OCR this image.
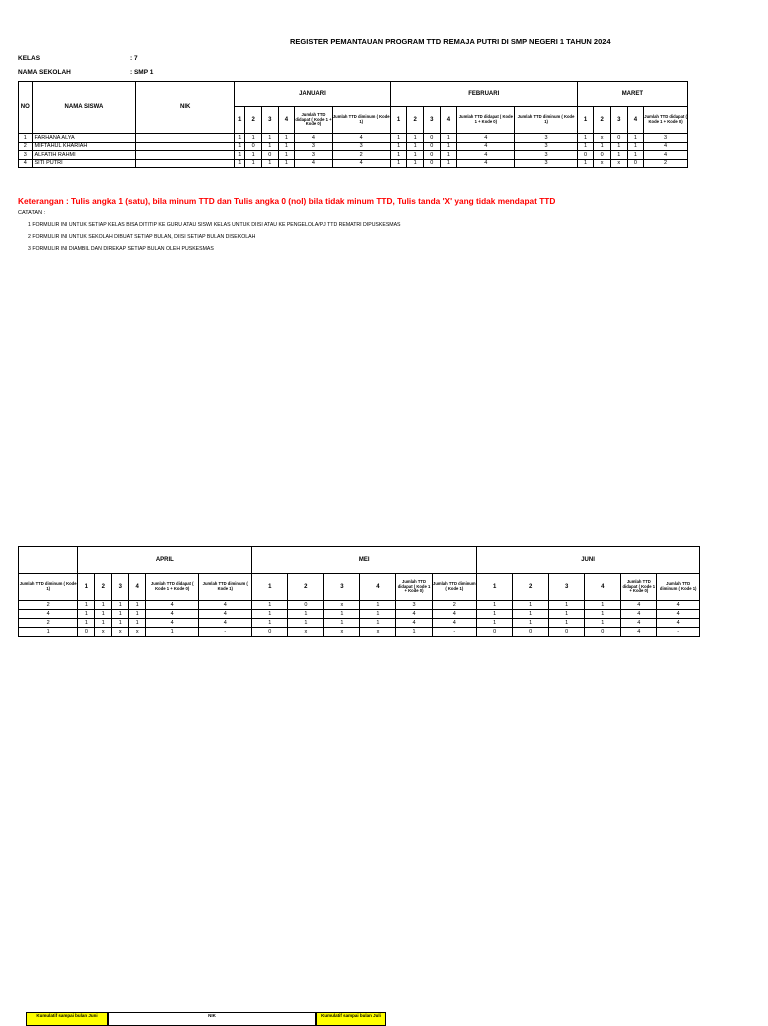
REGISTER PEMANTAUAN PROGRAM TTD REMAJA PUTRI DI SMP NEGERI 1 TAHUN 2024
KELAS	: 7
NAMA SEKOLAH	: SMP 1
NO	NAMA SISWA	NIK	JANUARI						FEBRUARI						MARET				
			1	2	3	4	Jumlah TTD didapat ( Kode 1 + Kode 0)	Jumlah TTD diminum ( Kode 1)	1	2	3	4	Jumlah TTD didapat ( Kode 1 + Kode 0)	Jumlah TTD diminum ( Kode 1)	1	2	3	4	Jumlah TTD didapat ( Kode 1 + Kode 0)
1	FARHANA ALYA		1	1	1	1	4	4	1	1	0	1	4	3	1	x	0	1	3
2	MIFTAHUL KHARIAH		1	0	1	1	3	3	1	1	0	1	4	3	1	1	1	1	4
3	ALFATIH RAHMI		1	1	0	1	3	2	1	1	0	1	4	3	0	0	1	1	4
4	SITI PUTRI		1	1	1	1	4	4	1	1	0	1	4	3	1	x	x	0	2
Keterangan : Tulis angka 1 (satu), bila minum TTD dan Tulis angka 0 (nol) bila tidak minum TTD, Tulis tanda 'X' yang tidak mendapat TTD
CATATAN :
1 FORMULIR INI UNTUK SETIAP KELAS BISA DITITIP KE GURU ATAU SISWI KELAS UNTUK DIISI ATAU KE PENGELOLA/PJ TTD REMATRI DIPUSKESMAS
2 FORMULIR INI UNTUK SEKOLAH DIBUAT SETIAP BULAN, DIISI SETIAP BULAN DISEKOLAH
3 FORMULIR INI DIAMBIL DAN DIREKAP SETIAP BULAN OLEH PUSKESMAS
	APRIL						MEI						JUNI					
Jumlah TTD diminum ( Kode 1)	1	2	3	4	Jumlah TTD didapat ( Kode 1 + Kode 0)	Jumlah TTD diminum ( Kode 1)	1	2	3	4	Jumlah TTD didapat ( Kode 1 + Kode 0)	Jumlah TTD diminum ( Kode 1)	1	2	3	4	Jumlah TTD didapat ( Kode 1 + Kode 0)	Jumlah TTD diminum ( Kode 1)
2	1	1	1	1	4	4	1	0	x	1	3	2	1	1	1	1	4	4
4	1	1	1	1	4	4	1	1	1	1	4	4	1	1	1	1	4	4
2	1	1	1	1	4	4	1	1	1	1	4	4	1	1	1	1	4	4
1	0	x	x	x	1	-	0	x	x	x	1	-	0	0	0	0	4	-
Kumulatif sampai bulan Juni	NIK	Kumulatif sampai bulan Juli
